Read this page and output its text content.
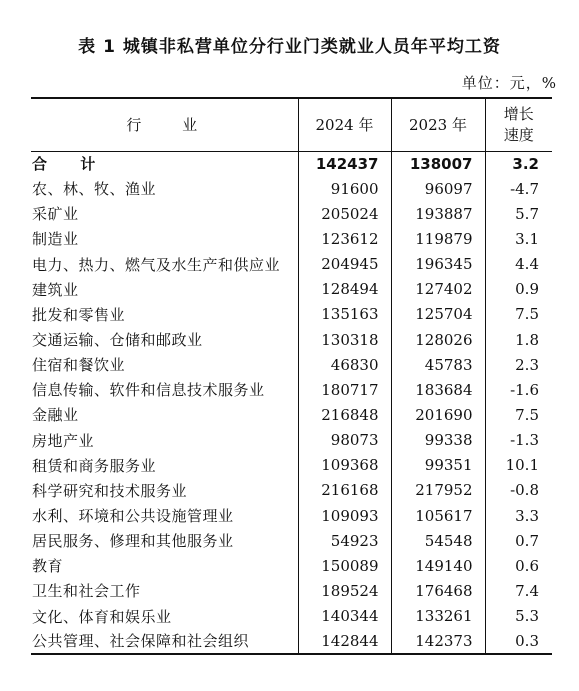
表 1 城镇非私营单位分行业门类就业人员年平均工资
单位：元，%
行 业	2024 年	2023 年	增长
速度
合 计	142437	138007	3.2
农、林、牧、渔业	91600	96097	-4.7
采矿业	205024	193887	5.7
制造业	123612	119879	3.1
电力、热力、燃气及水生产和供应业	204945	196345	4.4
建筑业	128494	127402	0.9
批发和零售业	135163	125704	7.5
交通运输、仓储和邮政业	130318	128026	1.8
住宿和餐饮业	46830	45783	2.3
信息传输、软件和信息技术服务业	180717	183684	-1.6
金融业	216848	201690	7.5
房地产业	98073	99338	-1.3
租赁和商务服务业	109368	99351	10.1
科学研究和技术服务业	216168	217952	-0.8
水利、环境和公共设施管理业	109093	105617	3.3
居民服务、修理和其他服务业	54923	54548	0.7
教育	150089	149140	0.6
卫生和社会工作	189524	176468	7.4
文化、体育和娱乐业	140344	133261	5.3
公共管理、社会保障和社会组织	142844	142373	0.3
